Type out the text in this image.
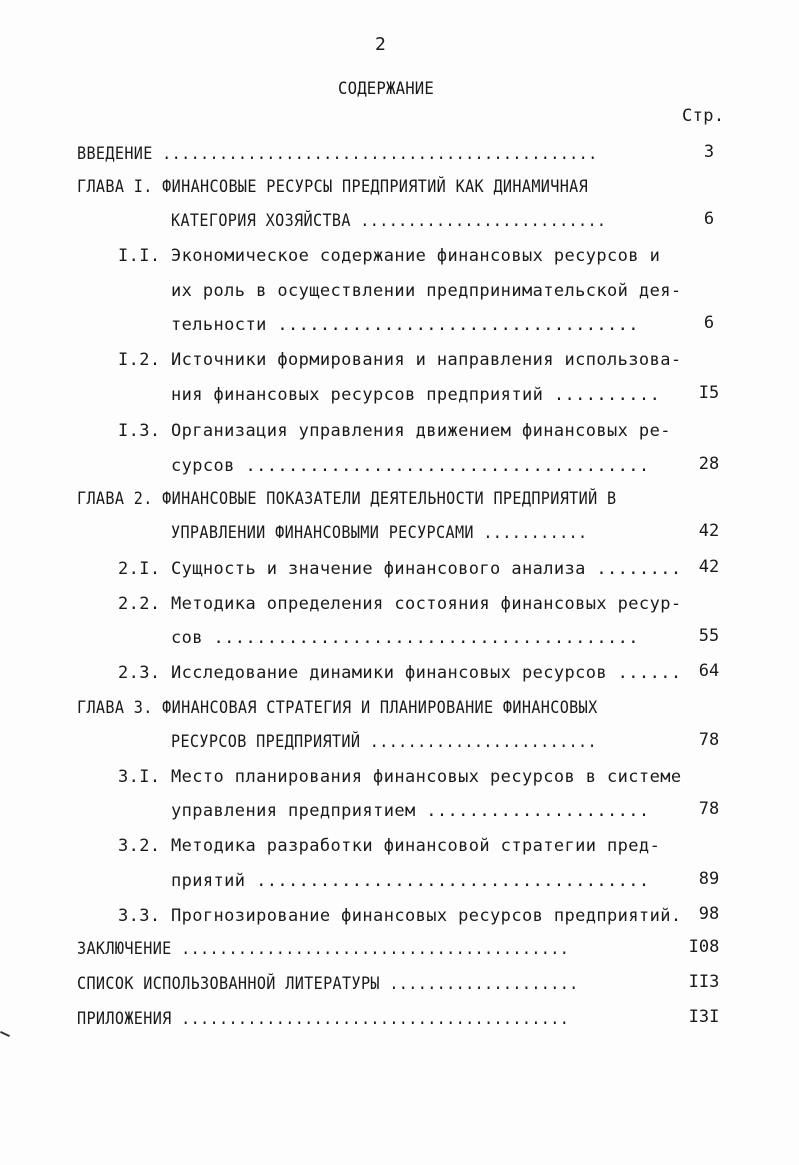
2
СОДЕРЖАНИЕ
Стр.
ВВЕДЕНИЕ ..............................................	3
ГЛАВА I. ФИНАНСОВЫЕ РЕСУРСЫ ПРЕДПРИЯТИЙ КАК ДИНАМИЧНАЯ
КАТЕГОРИЯ ХОЗЯЙСТВА ..........................	6
I.I. Экономическое содержание финансовых ресурсов и
их роль в осуществлении предпринимательской дея-
тельности ..................................	6
I.2. Источники формирования и направления использова-
ния финансовых ресурсов предприятий ..........	I5
I.3. Организация управления движением финансовых ре-
сурсов ......................................	28
ГЛАВА 2. ФИНАНСОВЫЕ ПОКАЗАТЕЛИ ДЕЯТЕЛЬНОСТИ ПРЕДПРИЯТИЙ В
УПРАВЛЕНИИ ФИНАНСОВЫМИ РЕСУРСАМИ ...........	42
2.I. Сущность и значение финансового анализа ........	42
2.2. Методика определения состояния финансовых ресур-
сов ........................................	55
2.3. Исследование динамики финансовых ресурсов ......	64
ГЛАВА 3. ФИНАНСОВАЯ СТРАТЕГИЯ И ПЛАНИРОВАНИЕ ФИНАНСОВЫХ
РЕСУРСОВ ПРЕДПРИЯТИЙ ........................	78
3.I. Место планирования финансовых ресурсов в системе
управления предприятием .....................	78
3.2. Методика разработки финансовой стратегии пред-
приятий .....................................	89
3.3. Прогнозирование финансовых ресурсов предприятий.	98
ЗАКЛЮЧЕНИЕ .........................................	I08
СПИСОК ИСПОЛЬЗОВАННОЙ ЛИТЕРАТУРЫ ....................	II3
ПРИЛОЖЕНИЯ .........................................	I3I
